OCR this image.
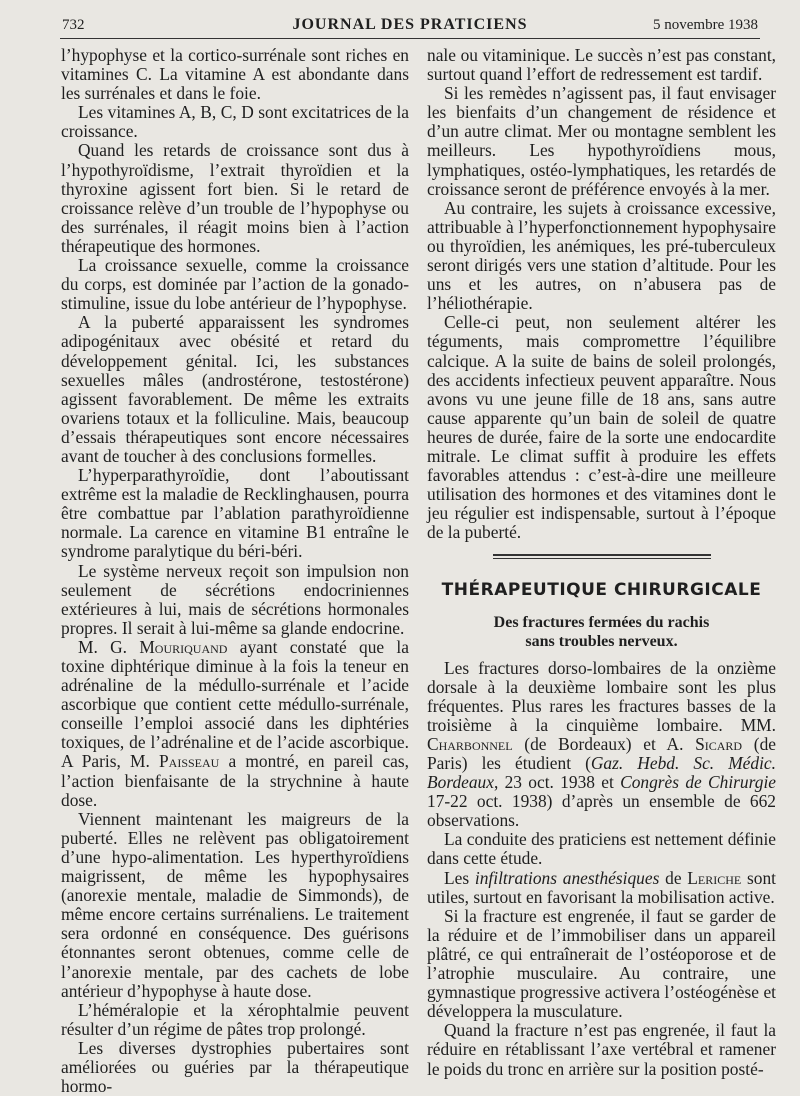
732	JOURNAL DES PRATICIENS	5 novembre 1938

l’hypophyse et la cortico-surrénale sont riches en vitamines C. La vitamine A est abondante dans les surrénales et dans le foie.

Les vitamines A, B, C, D sont excitatrices de la croissance.

Quand les retards de croissance sont dus à l’hypothyroïdisme, l’extrait thyroïdien et la thyroxine agissent fort bien. Si le retard de croissance relève d’un trouble de l’hypophyse ou des surrénales, il réagit moins bien à l’action thérapeutique des hormones.

La croissance sexuelle, comme la croissance du corps, est dominée par l’action de la gonado-stimuline, issue du lobe antérieur de l’hypophyse.

A la puberté apparaissent les syndromes adipogénitaux avec obésité et retard du développement génital. Ici, les substances sexuelles mâles (androstérone, testostérone) agissent favorablement. De même les extraits ovariens totaux et la folliculine. Mais, beaucoup d’essais thérapeutiques sont encore nécessaires avant de toucher à des conclusions formelles.

L’hyperparathyroïdie, dont l’aboutissant extrême est la maladie de Recklinghausen, pourra être combattue par l’ablation parathyroïdienne normale. La carence en vitamine B1 entraîne le syndrome paralytique du béri-béri.

Le système nerveux reçoit son impulsion non seulement de sécrétions endocriniennes extérieures à lui, mais de sécrétions hormonales propres. Il serait à lui-même sa glande endocrine.

M. G. Mouriquand ayant constaté que la toxine diphtérique diminue à la fois la teneur en adrénaline de la médullo-surrénale et l’acide ascorbique que contient cette médullo-surrénale, conseille l’emploi associé dans les diphtéries toxiques, de l’adrénaline et de l’acide ascorbique. A Paris, M. Paisseau a montré, en pareil cas, l’action bienfaisante de la strychnine à haute dose.

Viennent maintenant les maigreurs de la puberté. Elles ne relèvent pas obligatoirement d’une hypo-alimentation. Les hyperthyroïdiens maigrissent, de même les hypophysaires (anorexie mentale, maladie de Simmonds), de même encore certains surrénaliens. Le traitement sera ordonné en conséquence. Des guérisons étonnantes seront obtenues, comme celle de l’anorexie mentale, par des cachets de lobe antérieur d’hypophyse à haute dose.

L’héméralopie et la xérophtalmie peuvent résulter d’un régime de pâtes trop prolongé.

Les diverses dystrophies pubertaires sont améliorées ou guéries par la thérapeutique hormo-

nale ou vitaminique. Le succès n’est pas constant, surtout quand l’effort de redressement est tardif.

Si les remèdes n’agissent pas, il faut envisager les bienfaits d’un changement de résidence et d’un autre climat. Mer ou montagne semblent les meilleurs. Les hypothyroïdiens mous, lymphatiques, ostéo-lymphatiques, les retardés de croissance seront de préférence envoyés à la mer.

Au contraire, les sujets à croissance excessive, attribuable à l’hyperfonctionnement hypophysaire ou thyroïdien, les anémiques, les pré-tuberculeux seront dirigés vers une station d’altitude. Pour les uns et les autres, on n’abusera pas de l’héliothérapie.

Celle-ci peut, non seulement altérer les téguments, mais compromettre l’équilibre calcique. A la suite de bains de soleil prolongés, des accidents infectieux peuvent apparaître. Nous avons vu une jeune fille de 18 ans, sans autre cause apparente qu’un bain de soleil de quatre heures de durée, faire de la sorte une endocardite mitrale. Le climat suffit à produire les effets favorables attendus : c’est-à-dire une meilleure utilisation des hormones et des vitamines dont le jeu régulier est indispensable, surtout à l’époque de la puberté.

THÉRAPEUTIQUE CHIRURGICALE
Des fractures fermées du rachis
sans troubles nerveux.

Les fractures dorso-lombaires de la onzième dorsale à la deuxième lombaire sont les plus fréquentes. Plus rares les fractures basses de la troisième à la cinquième lombaire. MM. Charbonnel (de Bordeaux) et A. Sicard (de Paris) les étudient (Gaz. Hebd. Sc. Médic. Bordeaux, 23 oct. 1938 et Congrès de Chirurgie 17-22 oct. 1938) d’après un ensemble de 662 observations.

La conduite des praticiens est nettement définie dans cette étude.

Les infiltrations anesthésiques de Leriche sont utiles, surtout en favorisant la mobilisation active.

Si la fracture est engrenée, il faut se garder de la réduire et de l’immobiliser dans un appareil plâtré, ce qui entraînerait de l’ostéoporose et de l’atrophie musculaire. Au contraire, une gymnastique progressive activera l’ostéogénèse et développera la musculature.

Quand la fracture n’est pas engrenée, il faut la réduire en rétablissant l’axe vertébral et ramener le poids du tronc en arrière sur la position posté-
